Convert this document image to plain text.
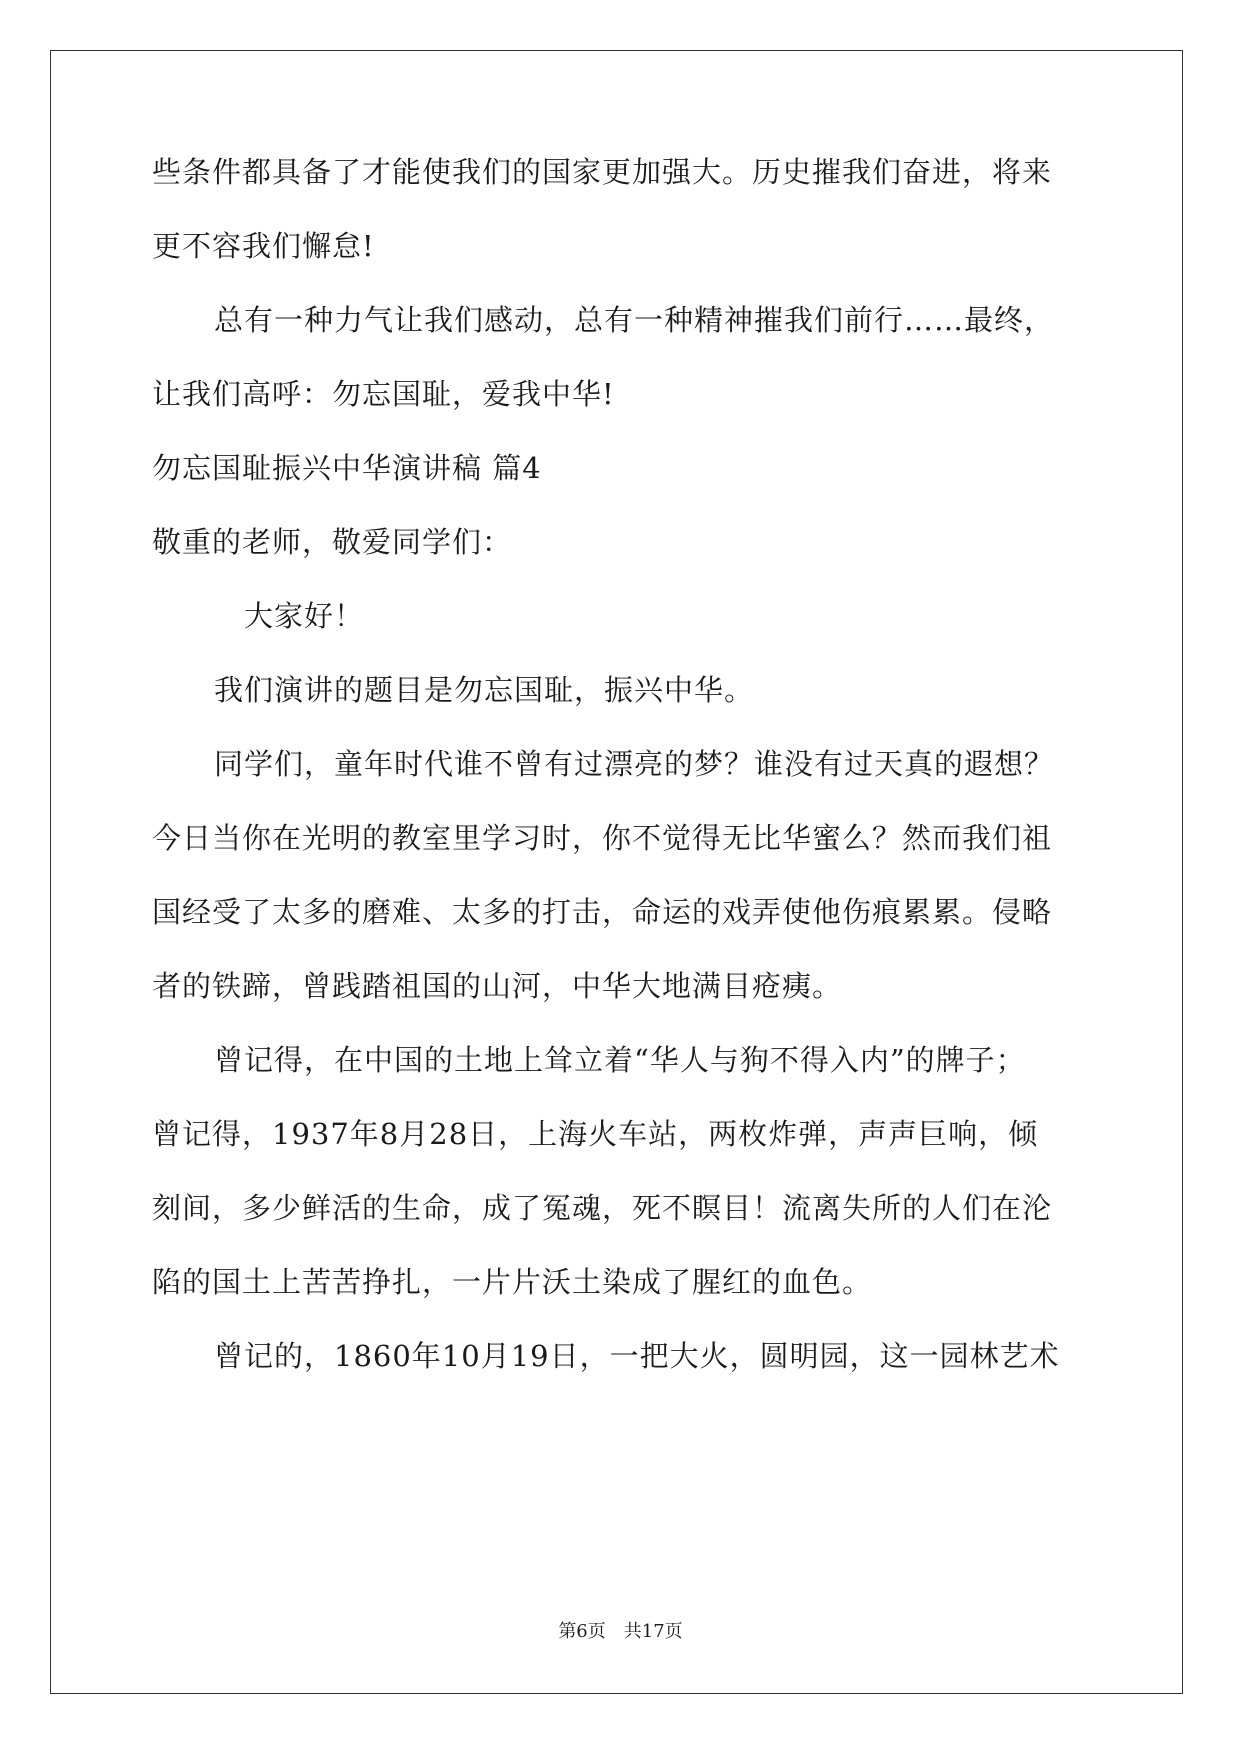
些条件都具备了才能使我们的国家更加强大。历史摧我们奋进，将来
更不容我们懈怠!
总有一种力气让我们感动，总有一种精神摧我们前行……最终，
让我们高呼：勿忘国耻，爱我中华!
勿忘国耻振兴中华演讲稿 篇4
敬重的老师，敬爱同学们：
大家好！
我们演讲的题目是勿忘国耻，振兴中华。
同学们，童年时代谁不曾有过漂亮的梦？谁没有过天真的遐想？
今日当你在光明的教室里学习时，你不觉得无比华蜜么？然而我们祖
国经受了太多的磨难、太多的打击，命运的戏弄使他伤痕累累。侵略
者的铁蹄，曾践踏祖国的山河，中华大地满目疮痍。
曾记得，在中国的土地上耸立着“华人与狗不得入内”的牌子；
曾记得，1937年8月28日，上海火车站，两枚炸弹，声声巨响，倾
刻间，多少鲜活的生命，成了冤魂，死不瞑目！流离失所的人们在沦
陷的国土上苦苦挣扎，一片片沃土染成了腥红的血色。
曾记的，1860年10月19日，一把大火，圆明园，这一园林艺术
第6页　共17页
